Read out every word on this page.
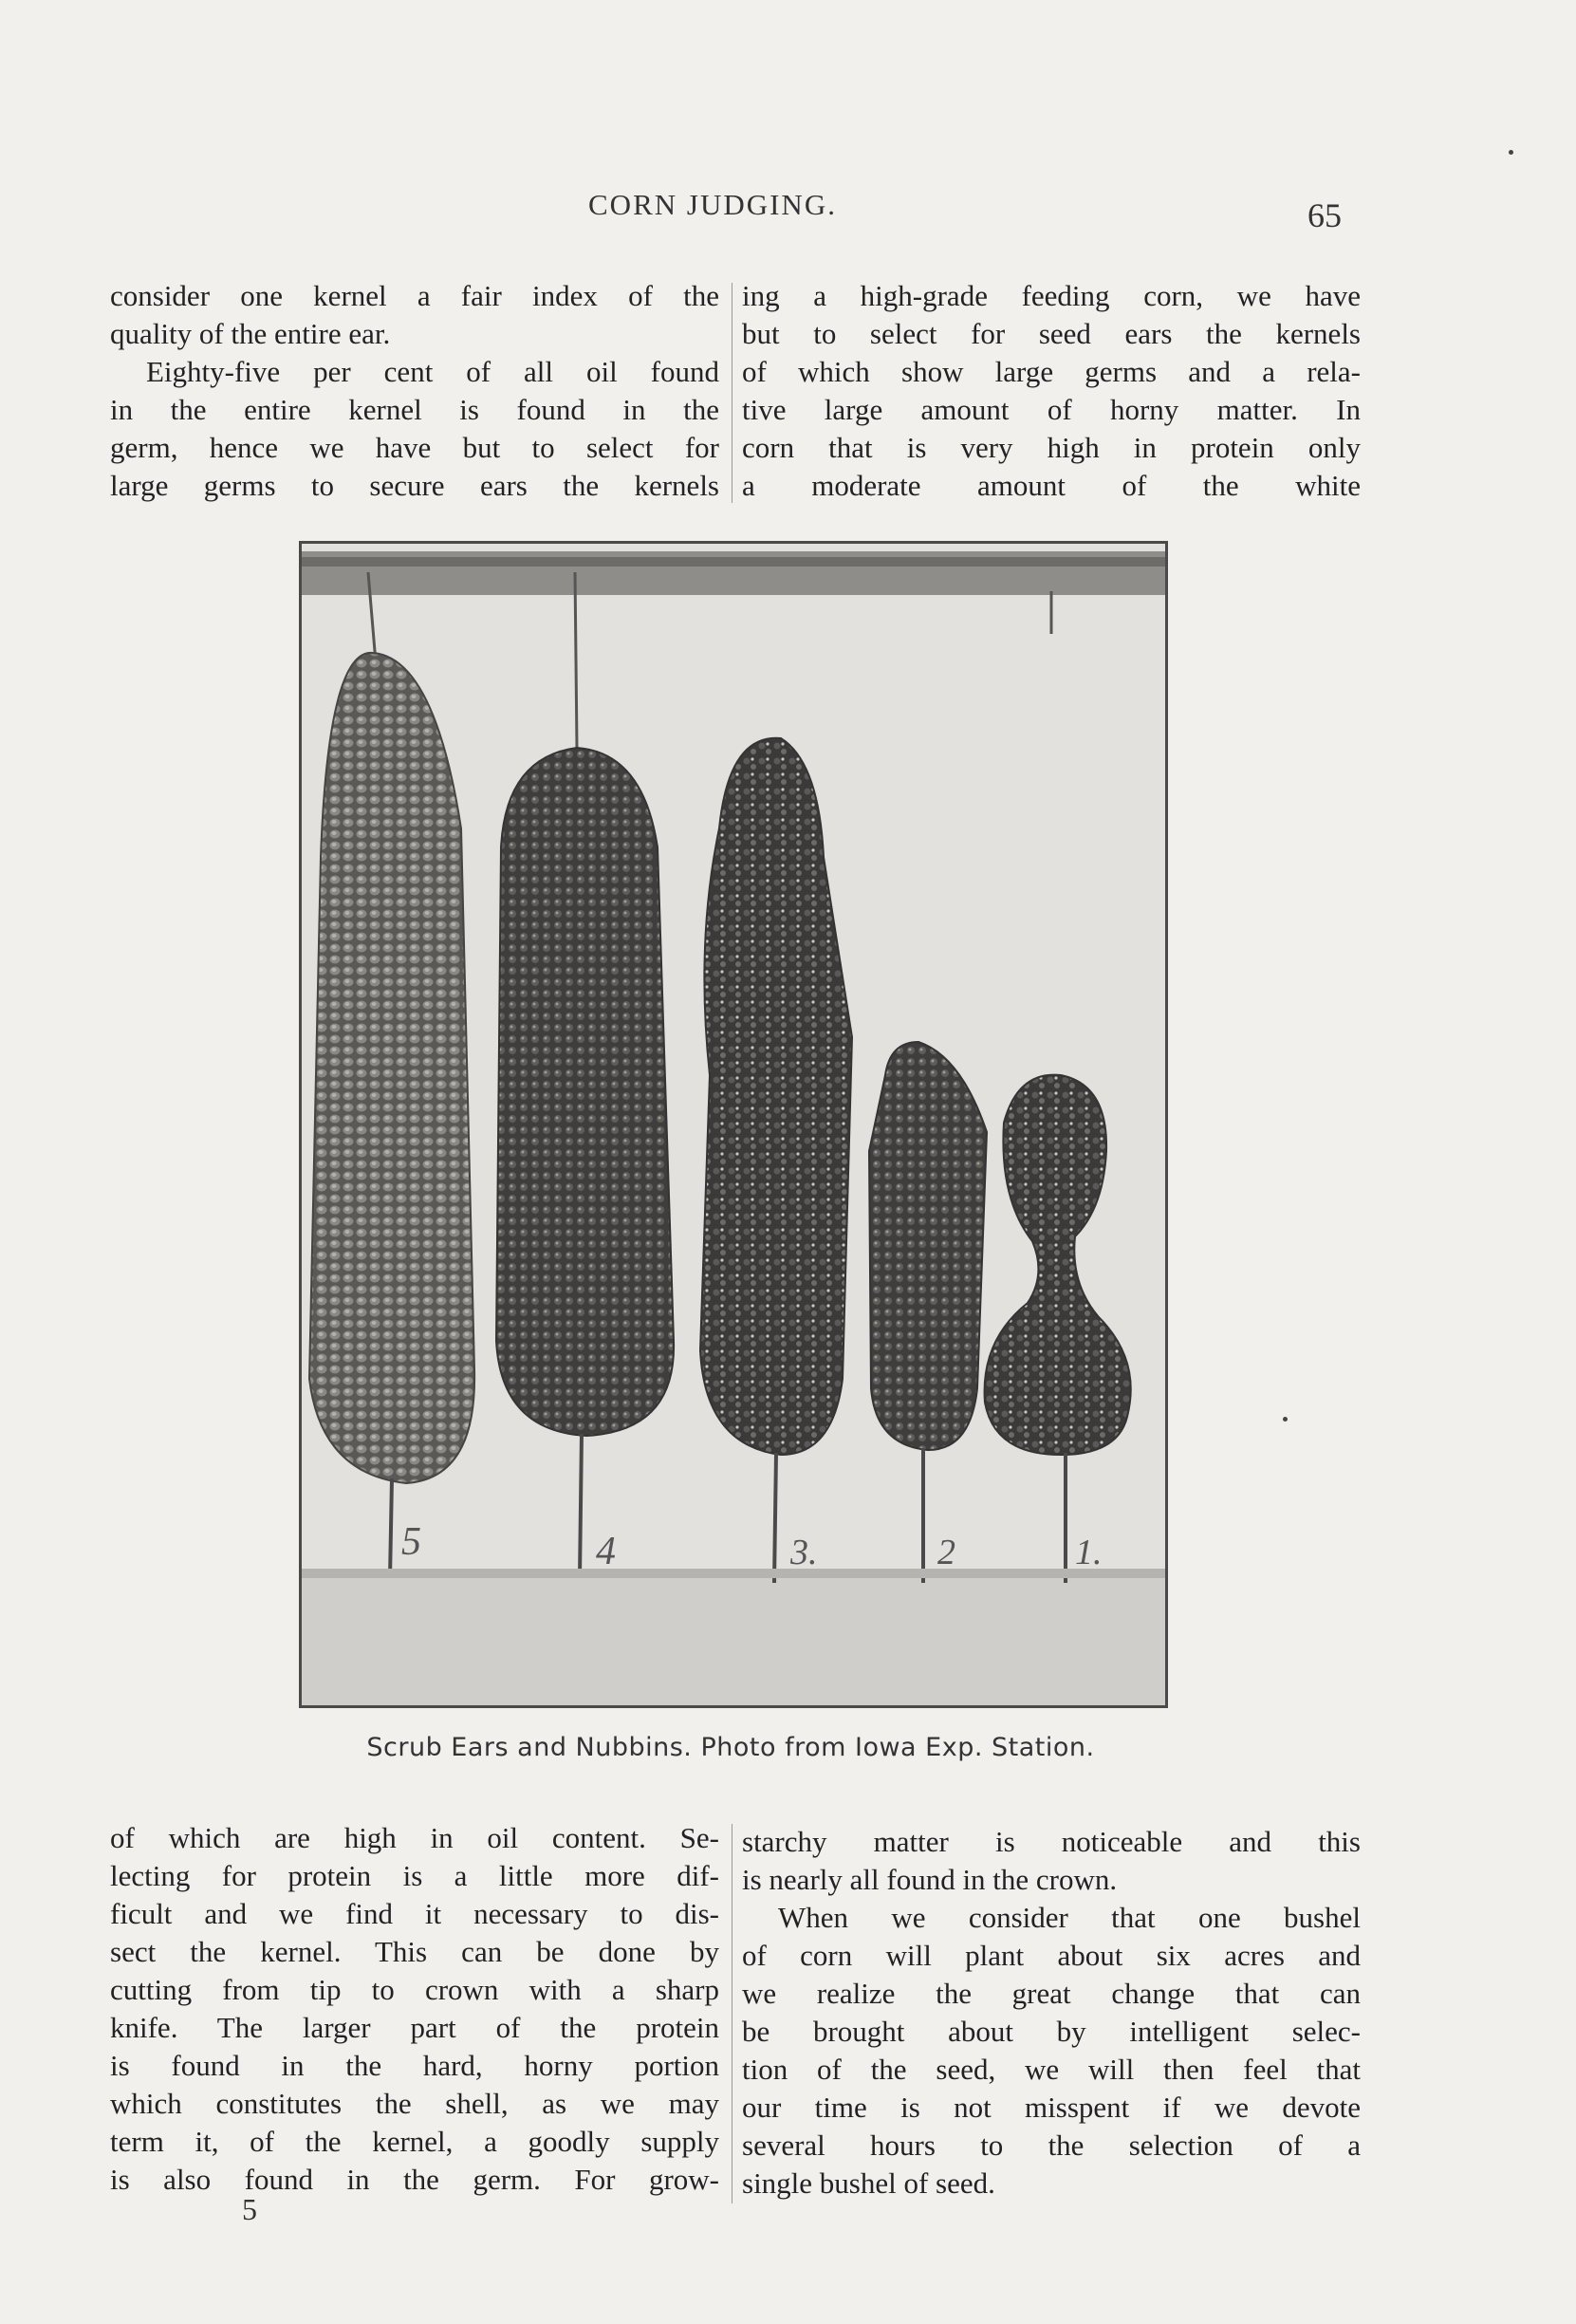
CORN JUDGING.	65
consider one kernel a fair index of the
quality of the entire ear.
Eighty-five per cent of all oil found
in the entire kernel is found in the
germ, hence we have but to select for
large germs to secure ears the kernels
ing a high-grade feeding corn, we have
but to select for seed ears the kernels
of which show large germs and a rela-
tive large amount of horny matter. In
corn that is very high in protein only
a moderate amount of the white
5	4	3.	2	1.
Scrub Ears and Nubbins. Photo from Iowa Exp. Station.
of which are high in oil content. Se-
lecting for protein is a little more dif-
ficult and we find it necessary to dis-
sect the kernel. This can be done by
cutting from tip to crown with a sharp
knife. The larger part of the protein
is found in the hard, horny portion
which constitutes the shell, as we may
term it, of the kernel, a goodly supply
is also found in the germ. For grow-
starchy matter is noticeable and this
is nearly all found in the crown.
When we consider that one bushel
of corn will plant about six acres and
we realize the great change that can
be brought about by intelligent selec-
tion of the seed, we will then feel that
our time is not misspent if we devote
several hours to the selection of a
single bushel of seed.
5
